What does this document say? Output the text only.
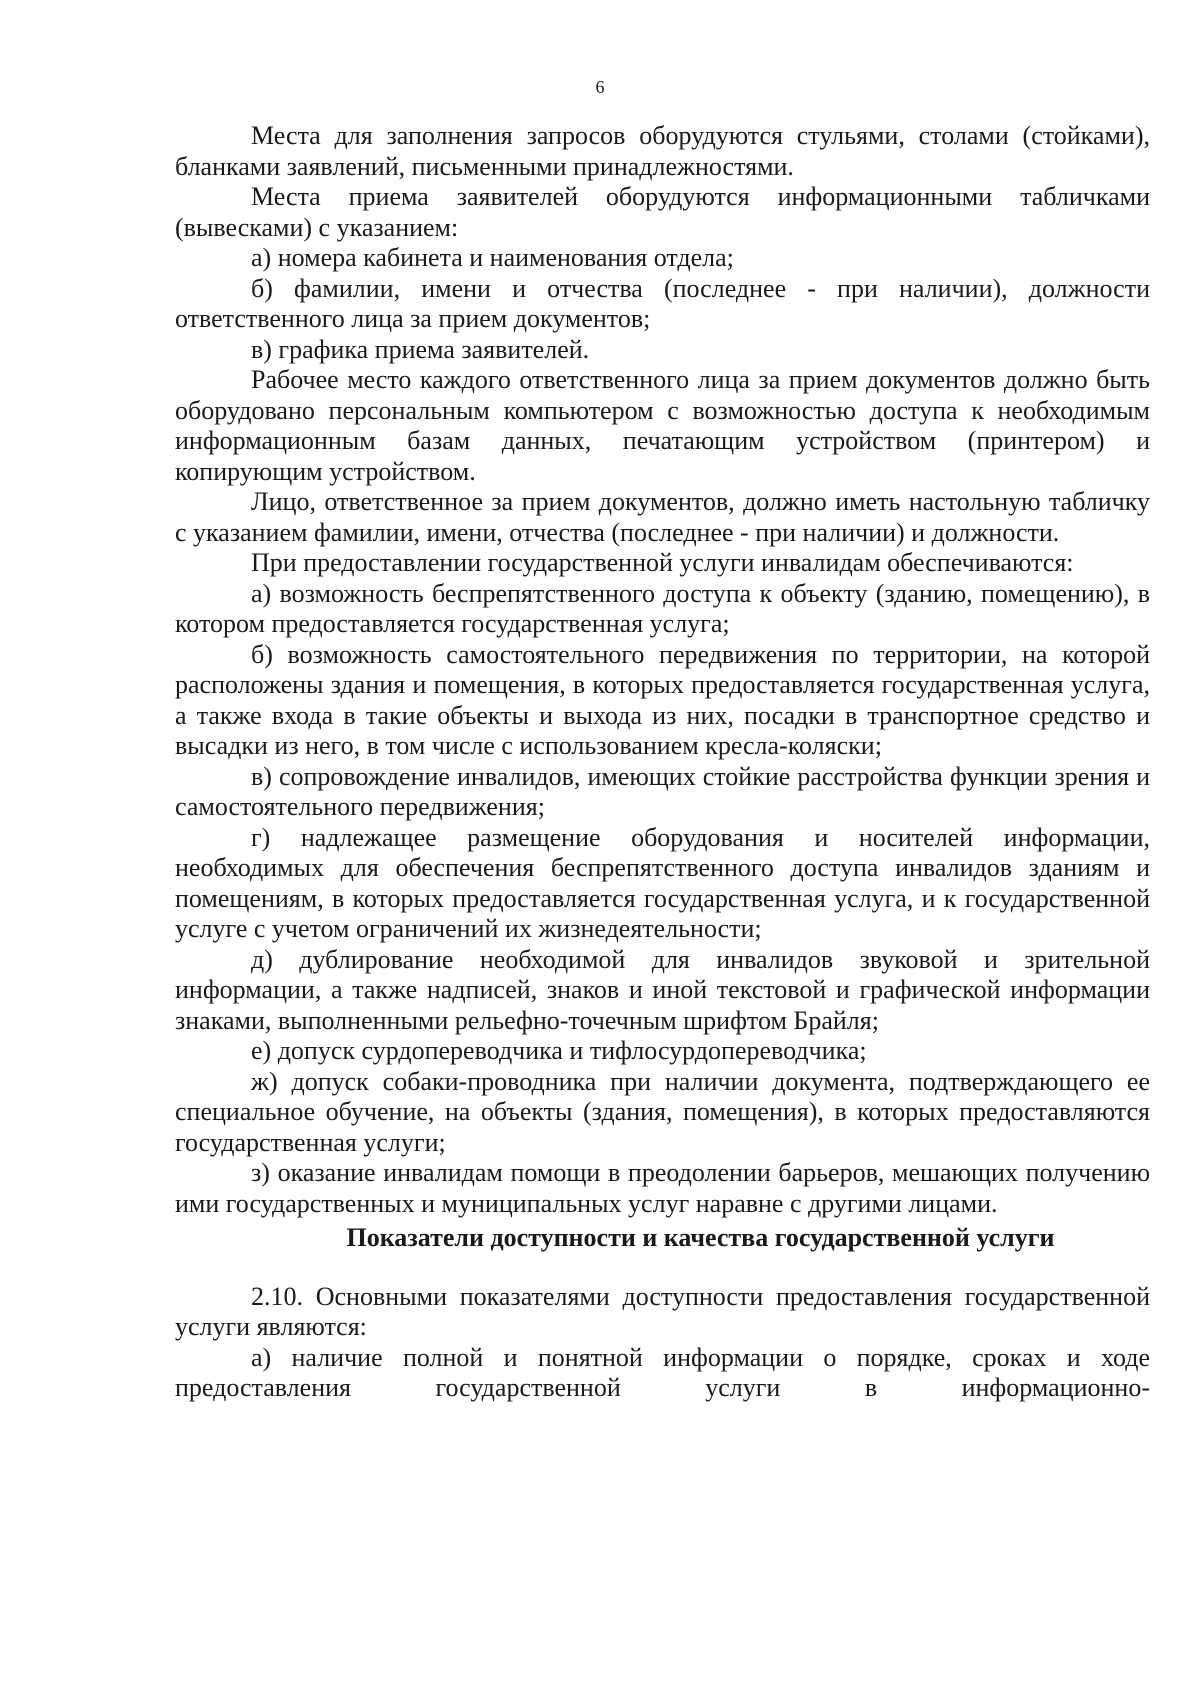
6

Места для заполнения запросов оборудуются стульями, столами (стойками), бланками заявлений, письменными принадлежностями.

Места приема заявителей оборудуются информационными табличками (вывесками) с указанием:

а) номера кабинета и наименования отдела;

б) фамилии, имени и отчества (последнее - при наличии), должности ответственного лица за прием документов;

в) графика приема заявителей.

Рабочее место каждого ответственного лица за прием документов должно быть оборудовано персональным компьютером с возможностью доступа к необходимым информационным базам данных, печатающим устройством (принтером) и копирующим устройством.

Лицо, ответственное за прием документов, должно иметь настольную табличку с указанием фамилии, имени, отчества (последнее - при наличии) и должности.

При предоставлении государственной услуги инвалидам обеспечиваются:

а) возможность беспрепятственного доступа к объекту (зданию, помещению), в котором предоставляется государственная услуга;

б) возможность самостоятельного передвижения по территории, на которой расположены здания и помещения, в которых предоставляется государственная услуга, а также входа в такие объекты и выхода из них, посадки в транспортное средство и высадки из него, в том числе с использованием кресла-коляски;

в) сопровождение инвалидов, имеющих стойкие расстройства функции зрения и самостоятельного передвижения;

г) надлежащее размещение оборудования и носителей информации, необходимых для обеспечения беспрепятственного доступа инвалидов зданиям и помещениям, в которых предоставляется государственная услуга, и к государственной услуге с учетом ограничений их жизнедеятельности;

д) дублирование необходимой для инвалидов звуковой и зрительной информации, а также надписей, знаков и иной текстовой и графической информации знаками, выполненными рельефно-точечным шрифтом Брайля;

е) допуск сурдопереводчика и тифлосурдопереводчика;

ж) допуск собаки-проводника при наличии документа, подтверждающего ее специальное обучение, на объекты (здания, помещения), в которых предоставляются государственная услуги;

з) оказание инвалидам помощи в преодолении барьеров, мешающих получению ими государственных и муниципальных услуг наравне с другими лицами.

Показатели доступности и качества государственной услуги

2.10. Основными показателями доступности предоставления государственной услуги являются:

а) наличие полной и понятной информации о порядке, сроках и ходе предоставления государственной услуги в информационно-
